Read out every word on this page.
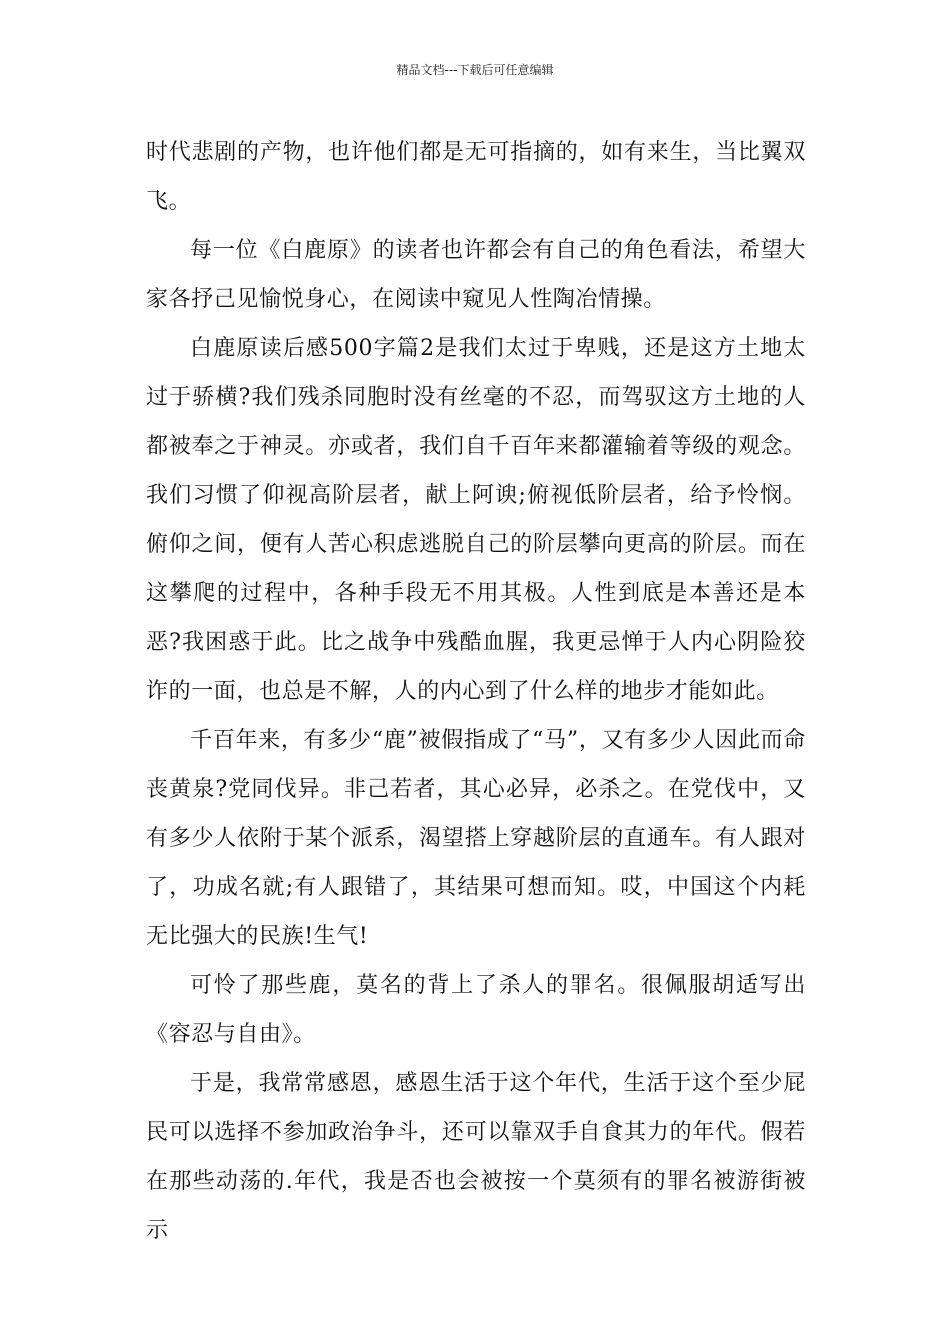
精品文档---下载后可任意编辑

时代悲剧的产物，也许他们都是无可指摘的，如有来生，当比翼双飞。

每一位《白鹿原》的读者也许都会有自己的角色看法，希望大家各抒己见愉悦身心，在阅读中窥见人性陶冶情操。

白鹿原读后感500字篇2是我们太过于卑贱，还是这方土地太过于骄横?我们残杀同胞时没有丝毫的不忍，而驾驭这方土地的人都被奉之于神灵。亦或者，我们自千百年来都灌输着等级的观念。我们习惯了仰视高阶层者，献上阿谀;俯视低阶层者，给予怜悯。俯仰之间，便有人苦心积虑逃脱自己的阶层攀向更高的阶层。而在这攀爬的过程中，各种手段无不用其极。人性到底是本善还是本恶?我困惑于此。比之战争中残酷血腥，我更忌惮于人内心阴险狡诈的一面，也总是不解，人的内心到了什么样的地步才能如此。

千百年来，有多少“鹿”被假指成了“马”，又有多少人因此而命丧黄泉?党同伐异。非己若者，其心必异，必杀之。在党伐中，又有多少人依附于某个派系，渴望搭上穿越阶层的直通车。有人跟对了，功成名就;有人跟错了，其结果可想而知。哎，中国这个内耗无比强大的民族!生气!

可怜了那些鹿，莫名的背上了杀人的罪名。很佩服胡适写出《容忍与自由》。

于是，我常常感恩，感恩生活于这个年代，生活于这个至少屁民可以选择不参加政治争斗，还可以靠双手自食其力的年代。假若在那些动荡的.年代，我是否也会被按一个莫须有的罪名被游街被示
